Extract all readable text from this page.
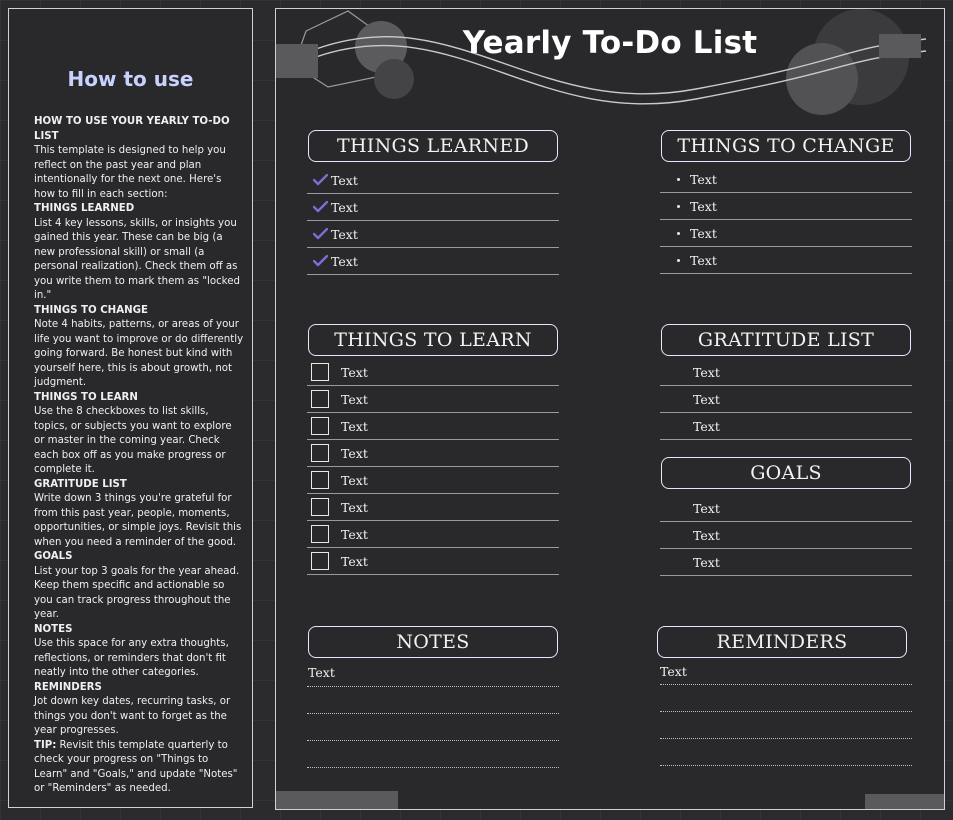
How to use
HOW TO USE YOUR YEARLY TO-DO LIST
This template is designed to help you reflect on the past year and plan intentionally for the next one. Here's how to fill in each section:
THINGS LEARNED
List 4 key lessons, skills, or insights you gained this year. These can be big (a new professional skill) or small (a personal realization). Check them off as you write them to mark them as "locked in."
THINGS TO CHANGE
Note 4 habits, patterns, or areas of your life you want to improve or do differently going forward. Be honest but kind with yourself here, this is about growth, not judgment.
THINGS TO LEARN
Use the 8 checkboxes to list skills, topics, or subjects you want to explore or master in the coming year. Check each box off as you make progress or complete it.
GRATITUDE LIST
Write down 3 things you're grateful for from this past year, people, moments, opportunities, or simple joys. Revisit this when you need a reminder of the good.
GOALS
List your top 3 goals for the year ahead. Keep them specific and actionable so you can track progress throughout the year.
NOTES
Use this space for any extra thoughts, reflections, or reminders that don't fit neatly into the other categories.
REMINDERS
Jot down key dates, recurring tasks, or things you don't want to forget as the year progresses.
TIP: Revisit this template quarterly to check your progress on "Things to Learn" and "Goals," and update "Notes" or "Reminders" as needed.
Yearly To-Do List
THINGS LEARNED
Text
Text
Text
Text
THINGS TO CHANGE
Text
Text
Text
Text
THINGS TO LEARN
Text
Text
Text
Text
Text
Text
Text
Text
GRATITUDE LIST
Text
Text
Text
GOALS
Text
Text
Text
NOTES
Text
REMINDERS
Text
